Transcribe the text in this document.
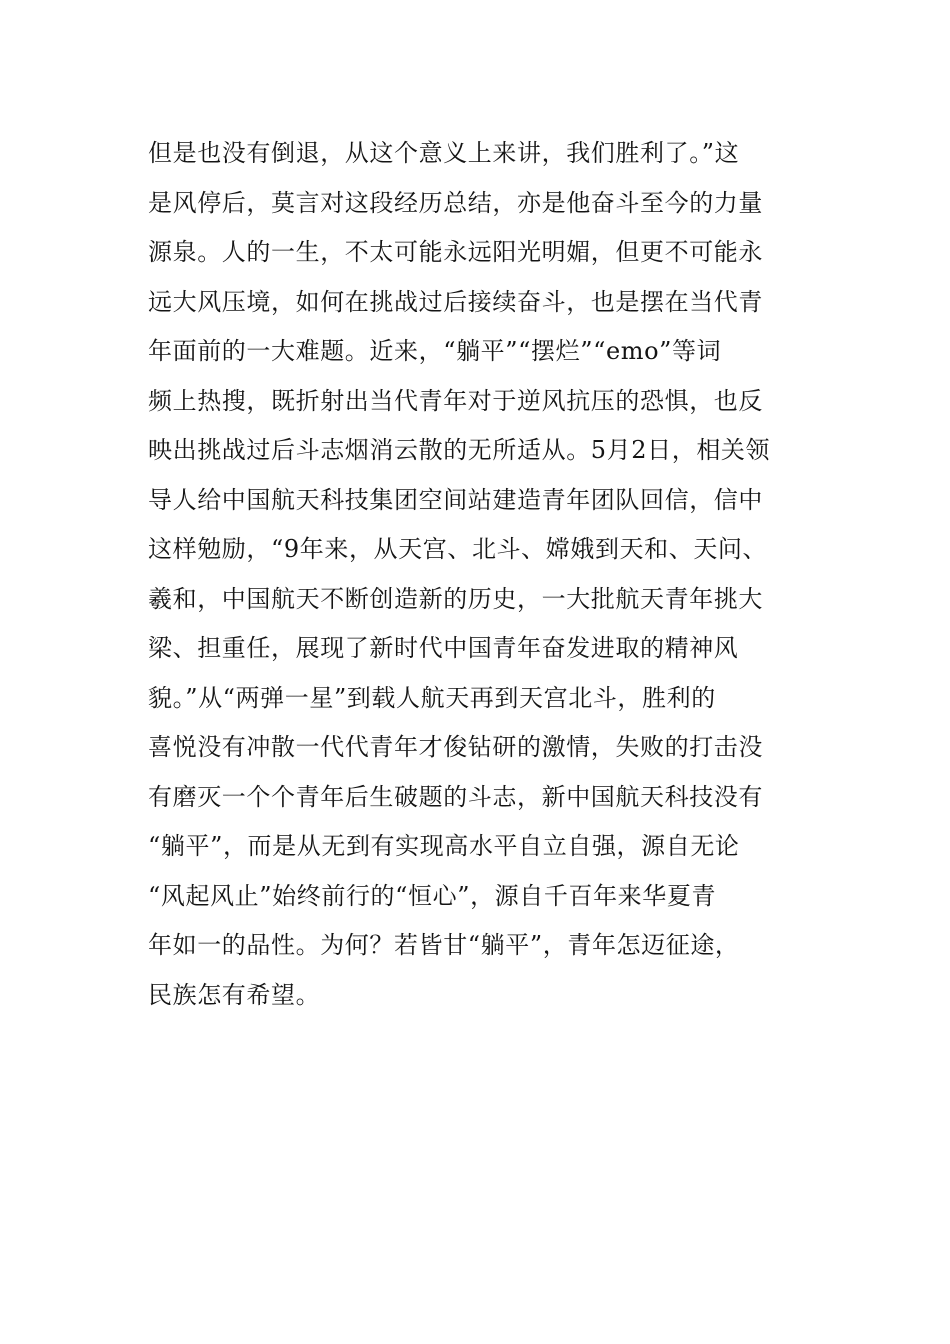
但是也没有倒退，从这个意义上来讲，我们胜利了。”这
是风停后，莫言对这段经历总结，亦是他奋斗至今的力量
源泉。人的一生，不太可能永远阳光明媚，但更不可能永
远大风压境，如何在挑战过后接续奋斗，也是摆在当代青
年面前的一大难题。近来，“躺平”“摆烂”“emo”等词
频上热搜，既折射出当代青年对于逆风抗压的恐惧，也反
映出挑战过后斗志烟消云散的无所适从。5月2日，相关领
导人给中国航天科技集团空间站建造青年团队回信，信中
这样勉励，“9年来，从天宫、北斗、嫦娥到天和、天问、
羲和，中国航天不断创造新的历史，一大批航天青年挑大
梁、担重任，展现了新时代中国青年奋发进取的精神风
貌。”从“两弹一星”到载人航天再到天宫北斗，胜利的
喜悦没有冲散一代代青年才俊钻研的激情，失败的打击没
有磨灭一个个青年后生破题的斗志，新中国航天科技没有
“躺平”，而是从无到有实现高水平自立自强，源自无论
“风起风止”始终前行的“恒心”，源自千百年来华夏青
年如一的品性。为何？若皆甘“躺平”，青年怎迈征途，
民族怎有希望。
